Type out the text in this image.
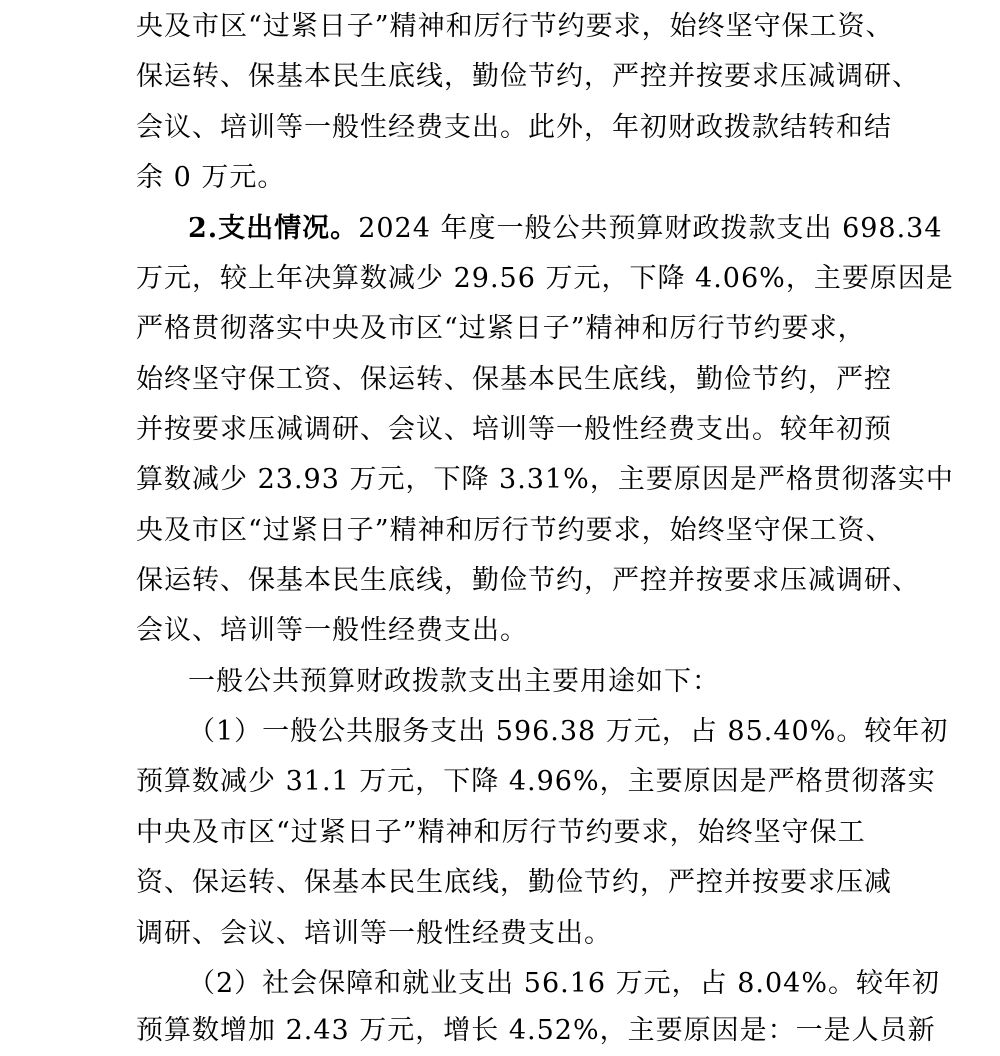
央及市区“过紧日子”精神和厉行节约要求，始终坚守保工资、
保运转、保基本民生底线，勤俭节约，严控并按要求压减调研、
会议、培训等一般性经费支出。此外，年初财政拨款结转和结
余 0 万元。
2.支出情况。2024 年度一般公共预算财政拨款支出 698.34
万元，较上年决算数减少 29.56 万元，下降 4.06%，主要原因是
严格贯彻落实中央及市区“过紧日子”精神和厉行节约要求，
始终坚守保工资、保运转、保基本民生底线，勤俭节约，严控
并按要求压减调研、会议、培训等一般性经费支出。较年初预
算数减少 23.93 万元，下降 3.31%，主要原因是严格贯彻落实中
央及市区“过紧日子”精神和厉行节约要求，始终坚守保工资、
保运转、保基本民生底线，勤俭节约，严控并按要求压减调研、
会议、培训等一般性经费支出。
一般公共预算财政拨款支出主要用途如下：
（1）一般公共服务支出 596.38 万元，占 85.40%。较年初
预算数减少 31.1 万元，下降 4.96%，主要原因是严格贯彻落实
中央及市区“过紧日子”精神和厉行节约要求，始终坚守保工
资、保运转、保基本民生底线，勤俭节约，严控并按要求压减
调研、会议、培训等一般性经费支出。
（2）社会保障和就业支出 56.16 万元，占 8.04%。较年初
预算数增加 2.43 万元，增长 4.52%，主要原因是：一是人员新
